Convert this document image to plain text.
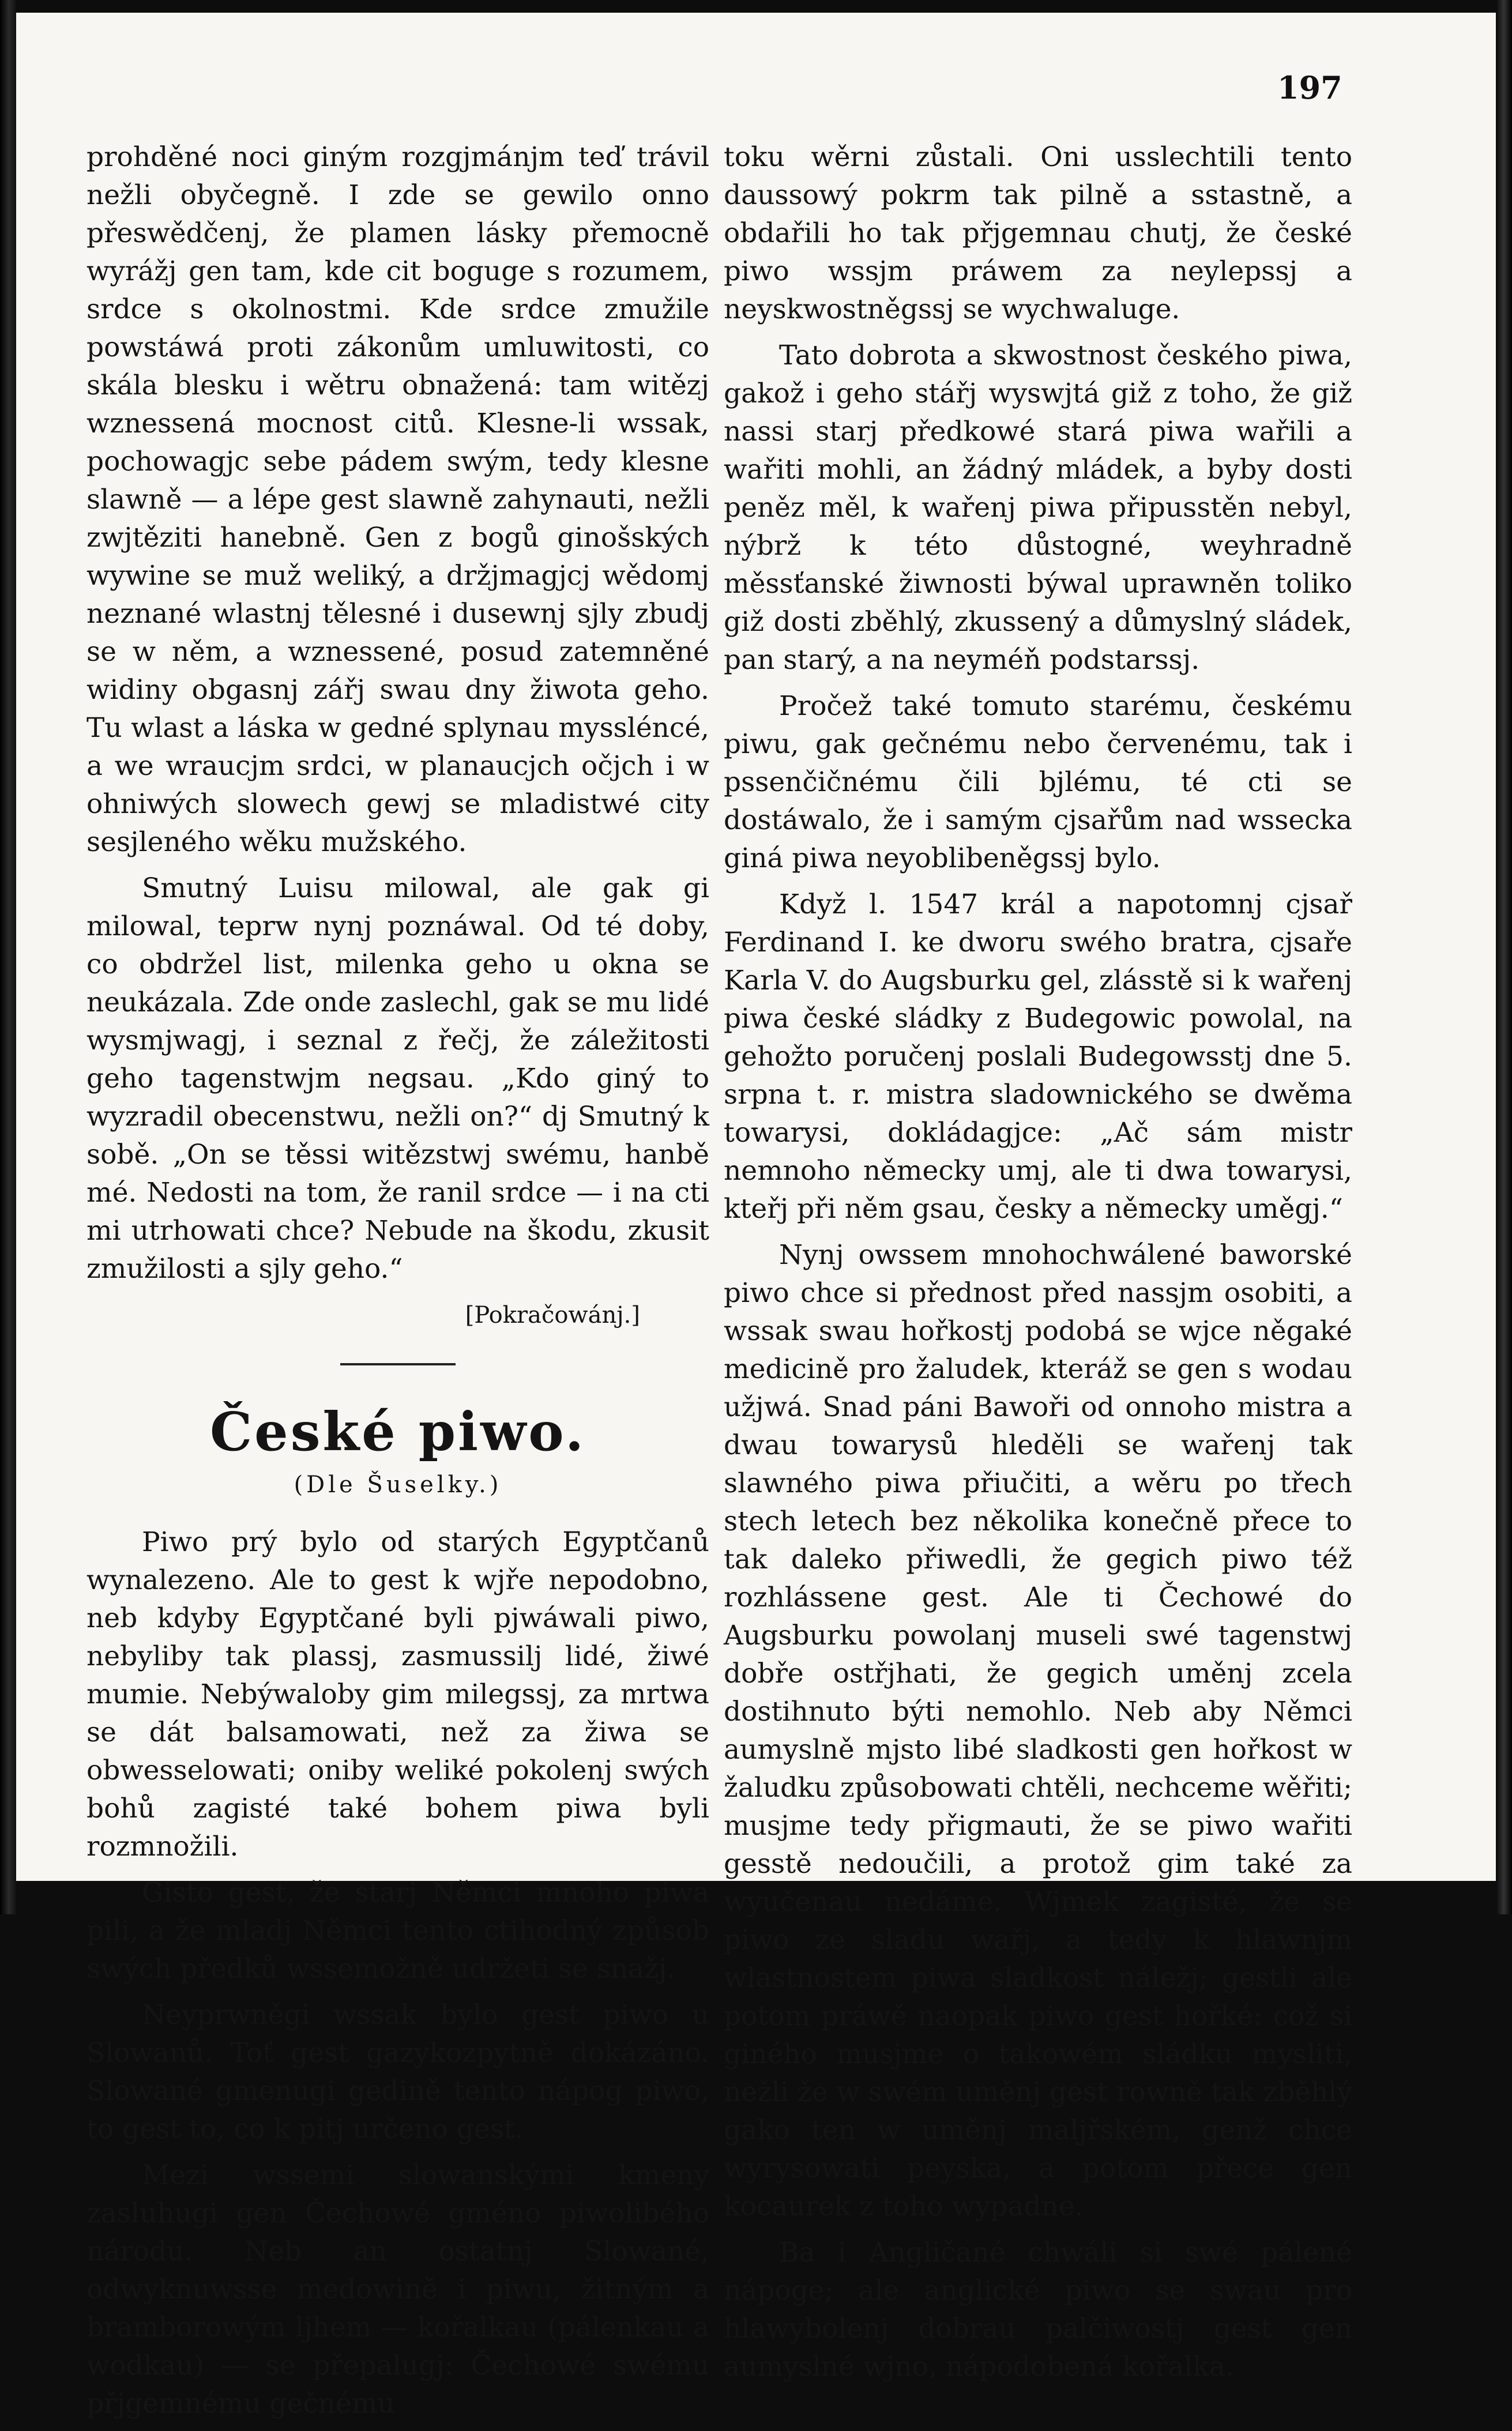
197

prohděné noci giným rozgjmánjm teď trávil nežli obyčegně. I zde se gewilo onno přeswědčenj, že plamen lásky přemocně wyrážj gen tam, kde cit boguge s rozumem, srdce s okolnostmi. Kde srdce zmužile powstáwá proti zákonům umluwitosti, co skála blesku i wětru obnažená: tam witězj wznessená mocnost citů. Klesne-li wssak, pochowagjc sebe pádem swým, tedy klesne slawně — a lépe gest slawně zahynauti, nežli zwjtěziti hanebně. Gen z bogů ginošských wywine se muž weliký, a držjmagjcj wědomj neznané wlastnj tělesné i dusewnj sjly zbudj se w něm, a wznessené, posud zatemněné widiny obgasnj zářj swau dny žiwota geho. Tu wlast a láska w gedné splynau myssléncé, a we wraucjm srdci, w planaucjch očjch i w ohniwých slowech gewj se mladistwé city sesjleného wěku mužského.

Smutný Luisu milowal, ale gak gi milowal, teprw nynj poznáwal. Od té doby, co obdržel list, milenka geho u okna se neukázala. Zde onde zaslechl, gak se mu lidé wysmjwagj, i seznal z řečj, že záležitosti geho tagenstwjm negsau. „Kdo giný to wyzradil obecenstwu, nežli on?“ dj Smutný k sobě. „On se těssi witězstwj swému, hanbě mé. Nedosti na tom, že ranil srdce — i na cti mi utrhowati chce? Nebude na škodu, zkusit zmužilosti a sjly geho.“

[Pokračowánj.]
České piwo.
(Dle Šuselky.)

Piwo prý bylo od starých Egyptčanů wynalezeno. Ale to gest k wjře nepodobno, neb kdyby Egyptčané byli pjwáwali piwo, nebyliby tak plassj, zasmussilj lidé, žiwé mumie. Nebýwaloby gim milegssj, za mrtwa se dát balsamowati, než za žiwa se obwesselowati; oniby weliké pokolenj swých bohů zagisté také bohem piwa byli rozmnožili.

Gisto gest, že starj Němci mnoho piwa pili, a že mladj Němci tento ctihodný způsob swých předků wssemožně udržeti se snažj.

Neyprwněgi wssak bylo gest piwo u Slowanů. Toť gest gazykozpytně dokázáno. Slowané gmenugi gedině tento nápog piwo, to gest to, co k pitj určeno gest.

Mezi wssemi slowanskými kmeny zasluhugi gen Čechowé gméno piwolibého národu. Neb an ostatnj Slowané, odwyknuwsse medowině i piwu, žitným a bramborowým ljhem — kořalkau (pálenkau a wodkau) — se přepalugj: Čechowé swému přjgemnému gečnému

toku wěrni zůstali. Oni usslechtili tento daussowý pokrm tak pilně a sstastně, a obdařili ho tak přjgemnau chutj, že české piwo wssjm práwem za neylepssj a neyskwostněgssj se wychwaluge.

Tato dobrota a skwostnost českého piwa, gakož i geho stářj wyswjtá giž z toho, že giž nassi starj předkowé stará piwa wařili a wařiti mohli, an žádný mládek, a byby dosti peněz měl, k wařenj piwa připusstěn nebyl, nýbrž k této důstogné, weyhradně měssťanské žiwnosti býwal uprawněn toliko giž dosti zběhlý, zkussený a důmyslný sládek, pan starý, a na neyméň podstarssj.

Pročež také tomuto starému, českému piwu, gak gečnému nebo červenému, tak i pssenčičnému čili bjlému, té cti se dostáwalo, že i samým cjsařům nad wsseckа giná piwa neyoblibeněgssj bylo.

Když l. 1547 král a napotomnj cjsař Ferdinand I. ke dworu swého bratra, cjsaře Karla V. do Augsburku gel, zlásstě si k wařenj piwa české sládky z Budegowic powolal, na gehožto poručenj poslali Budegowsstj dne 5. srpna t. r. mistra sladownického se dwěma towarysi, dokládagjce: „Ač sám mistr nemnoho německy umj, ale ti dwa towarysi, kteřj při něm gsau, česky a německy uměgj.“

Nynj owssem mnohochwálené baworské piwo chce si přednost před nassjm osobiti, a wssak swau hořkostj podobá se wjce něgaké medicině pro žaludek, kteráž se gen s wodau užjwá. Snad páni Bawoři od onnoho mistra a dwau towarysů hleděli se wařenj tak slawného piwa přiučiti, a wěru po třech stech letech bez několika konečně přece to tak daleko přiwedli, že gegich piwo též rozhlássene gest. Ale ti Čechowé do Augsburku powolanj museli swé tagenstwj dobře ostřjhati, že gegich uměnj zcela dostihnuto býti nemohlo. Neb aby Němci aumyslně mjsto libé sladkosti gen hořkost w žaludku způsobowati chtěli, nechceme wěřiti; musjme tedy přigmauti, že se piwo wařiti gesstě nedoučili, a protož gim také za wyučenau nedáme. Wjmek zagisté, že se piwo ze sladu wařj, a tedy k hlawnjm wlastnostem piwa sladkost náležj; gestli ale potom práwě naopak piwo gest hořké: což si giného musjme o takowém sládku mysliti, nežli že w swém uměnj gest rowně tak zběhlý gako ten w uměnj maljřském, genž chce wyrysowati peyska, a potom přece gen kocaurek z toho wypadne.

Ba i Angličané chwáli si swé pálené nápoge; ale anglické piwo se swau pro hlawybolenj dobrau palčiwostj gest gen aumyslné wjno, nápodobená kořalka.
